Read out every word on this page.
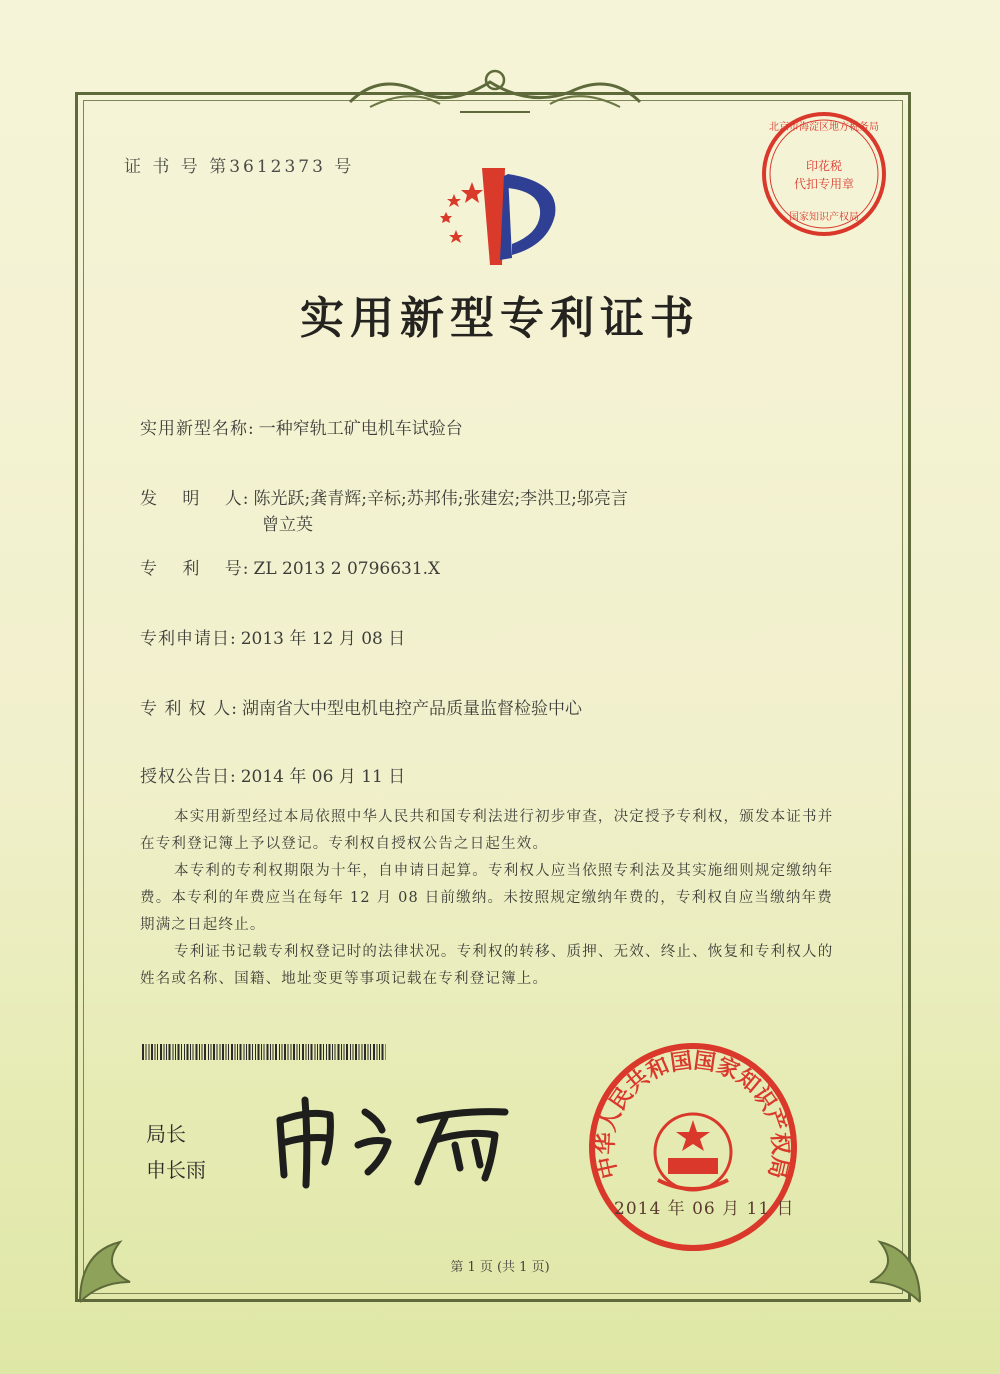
证 书 号 第3612373 号
北京市海淀区地方税务局
印花税
代扣专用章
国家知识产权局
实用新型专利证书
实用新型名称: 一种窄轨工矿电机车试验台
发　 明　 人: 陈光跃;龚青辉;辛标;苏邦伟;张建宏;李洪卫;邬亮言
曾立英
专　 利　 号: ZL 2013 2 0796631.X
专利申请日: 2013 年 12 月 08 日
专 利 权 人: 湖南省大中型电机电控产品质量监督检验中心
授权公告日: 2014 年 06 月 11 日
本实用新型经过本局依照中华人民共和国专利法进行初步审查，决定授予专利权，颁发本证书并在专利登记簿上予以登记。专利权自授权公告之日起生效。
本专利的专利权期限为十年，自申请日起算。专利权人应当依照专利法及其实施细则规定缴纳年费。本专利的年费应当在每年 12 月 08 日前缴纳。未按照规定缴纳年费的，专利权自应当缴纳年费期满之日起终止。
专利证书记载专利权登记时的法律状况。专利权的转移、质押、无效、终止、恢复和专利权人的姓名或名称、国籍、地址变更等事项记载在专利登记簿上。
局长
申长雨	中华人民共和国国家知识产权局
2014 年 06 月 11 日
第 1 页 (共 1 页)
